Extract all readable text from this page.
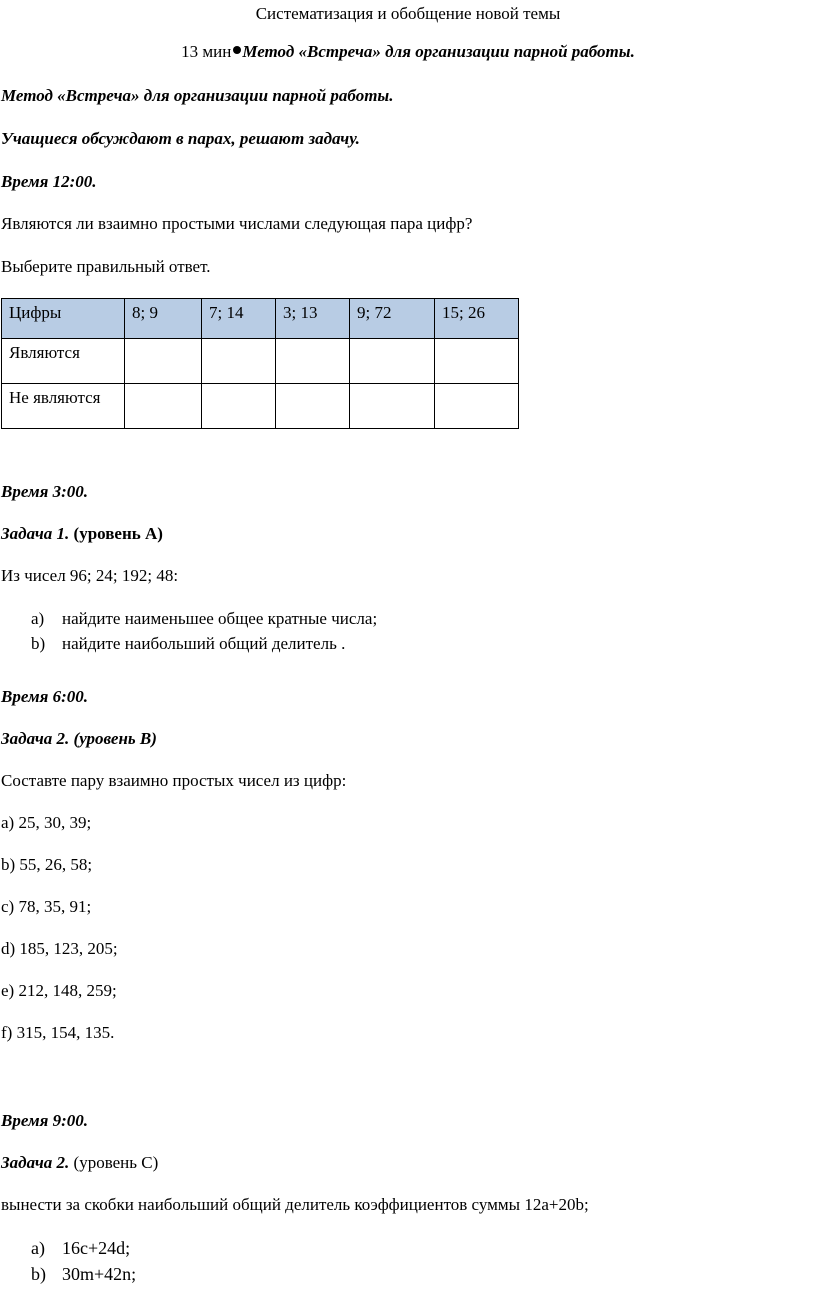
Систематизация и обобщение новой темы
13 мин Метод «Встреча» для организации парной работы.
Метод «Встреча» для организации парной работы.
Учащиеся обсуждают в парах, решают задачу.
Время 12:00.
Являются ли взаимно простыми числами следующая пара цифр?
Выберите правильный ответ.
Цифры	8; 9	7; 14	3; 13	9; 72	15; 26
Являются					
Не являются					
Время 3:00.
Задача 1. (уровень А)
Из чисел 96; 24; 192; 48:
a) найдите наименьшее общее кратные числа;
b) найдите наибольший общий делитель .
Время 6:00.
Задача 2. (уровень В)
Составте пару взаимно простых чисел из цифр:
a) 25, 30, 39;
b) 55, 26, 58;
c) 78, 35, 91;
d) 185, 123, 205;
e) 212, 148, 259;
f) 315, 154, 135.
Время 9:00.
Задача 2. (уровень С)
вынести за скобки наибольший общий делитель коэффициентов суммы 12a+20b;
a) 16c+24d;
b) 30m+42n;
